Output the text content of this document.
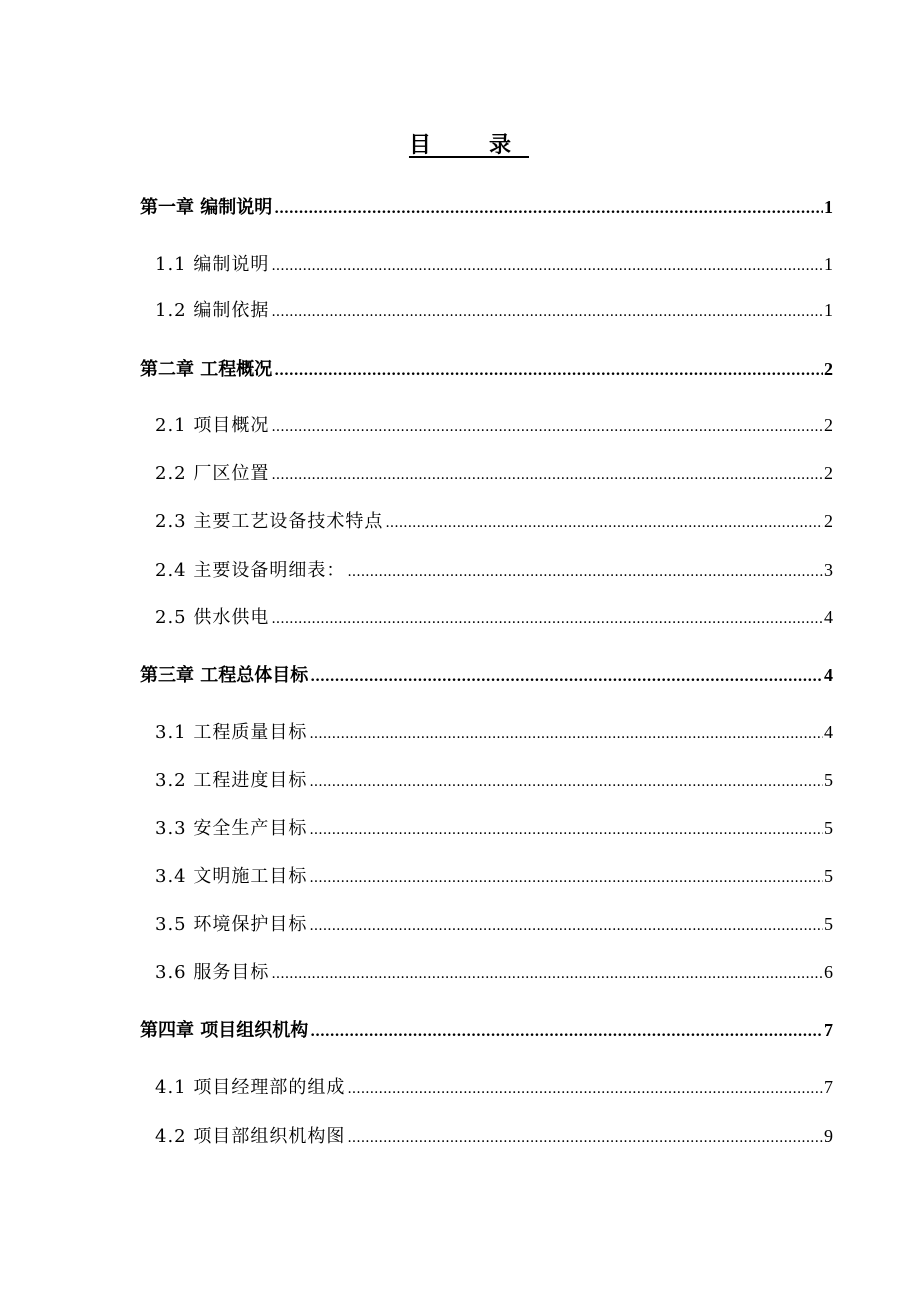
目　录
第一章 编制说明 .....	1
1.1 编制说明 .....	1
1.2 编制依据 .....	1
第二章 工程概况 .....	2
2.1 项目概况 .....	2
2.2 厂区位置 .....	2
2.3 主要工艺设备技术特点 .....	2
2.4 主要设备明细表： .....	3
2.5 供水供电 .....	4
第三章 工程总体目标 .....	4
3.1 工程质量目标 .....	4
3.2 工程进度目标 .....	5
3.3 安全生产目标 .....	5
3.4 文明施工目标 .....	5
3.5 环境保护目标 .....	5
3.6 服务目标 .....	6
第四章 项目组织机构 .....	7
4.1 项目经理部的组成 .....	7
4.2 项目部组织机构图 .....	9
